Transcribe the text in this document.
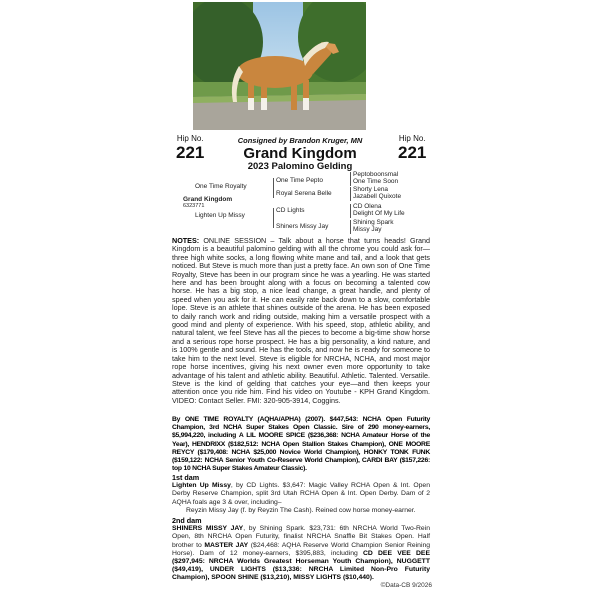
Hip No.
221
Hip No.
221
Consigned by Brandon Kruger, MN
Grand Kingdom
2023 Palomino Gelding
One Time Royalty
Grand Kingdom
6323771
Lighten Up Missy
One Time Pepto
Royal Serena Belle
CD Lights
Shiners Missy Jay
Peptoboonsmal
One Time Soon
Shorty Lena
Jazabell Quixote
CD Olena
Delight Of My Life
Shining Spark
Missy Jay
NOTES: ONLINE SESSION – Talk about a horse that turns heads! Grand Kingdom is a beautiful palomino gelding with all the chrome you could ask for—three high white socks, a long flowing white mane and tail, and a look that gets noticed. But Steve is much more than just a pretty face. An own son of One Time Royalty, Steve has been in our program since he was a yearling. He was started here and has been brought along with a focus on becoming a talented cow horse. He has a big stop, a nice lead change, a great handle, and plenty of speed when you ask for it. He can easily rate back down to a slow, comfortable lope. Steve is an athlete that shines outside of the arena. He has been exposed to daily ranch work and riding outside, making him a versatile prospect with a good mind and plenty of experience. With his speed, stop, athletic ability, and natural talent, we feel Steve has all the pieces to become a big-time show horse and a serious rope horse prospect. He has a big personality, a kind nature, and is 100% gentle and sound. He has the tools, and now he is ready for someone to take him to the next level. Steve is eligible for NRCHA, NCHA, and most major rope horse incentives, giving his next owner even more opportunity to take advantage of his talent and athletic ability. Beautiful. Athletic. Talented. Versatile. Steve is the kind of gelding that catches your eye—and then keeps your attention once you ride him. Find his video on Youtube - KPH Grand Kingdom. VIDEO: Contact Seller. FMI: 320-905-3914, Coggins.
By ONE TIME ROYALTY (AQHA/APHA) (2007). $447,543: NCHA Open Futurity Champion, 3rd NCHA Super Stakes Open Classic. Sire of 290 money-earners, $5,994,220, including A LIL MOORE SPICE ($236,368: NCHA Amateur Horse of the Year), HENDRIXX ($182,512: NCHA Open Stallion Stakes Champion), ONE MOORE REYCY ($179,408: NCHA $25,000 Novice World Champion), HONKY TONK FUNK ($159,122: NCHA Senior Youth Co-Reserve World Champion), CARDI BAY ($157,226: top 10 NCHA Super Stakes Amateur Classic).
1st dam
Lighten Up Missy, by CD Lights. $3,647: Magic Valley RCHA Open & Int. Open Derby Reserve Champion, split 3rd Utah RCHA Open & Int. Open Derby. Dam of 2 AQHA foals age 3 & over, including–
Reyzin Missy Jay (f. by Reyzin The Cash). Reined cow horse money-earner.
2nd dam
SHINERS MISSY JAY, by Shining Spark. $23,731: 6th NRCHA World Two-Rein Open, 8th NRCHA Open Futurity, finalist NRCHA Snaffle Bit Stakes Open. Half brother to MASTER JAY ($24,468: AQHA Reserve World Champion Senior Reining Horse). Dam of 12 money-earners, $395,883, including CD DEE VEE DEE ($297,945: NRCHA Worlds Greatest Horseman Youth Champion), NUGGETT ($49,419), UNDER LIGHTS ($13,336: NRCHA Limited Non-Pro Futurity Champion), SPOON SHINE ($13,210), MISSY LIGHTS ($10,440).
©Data-CB 9/2026
